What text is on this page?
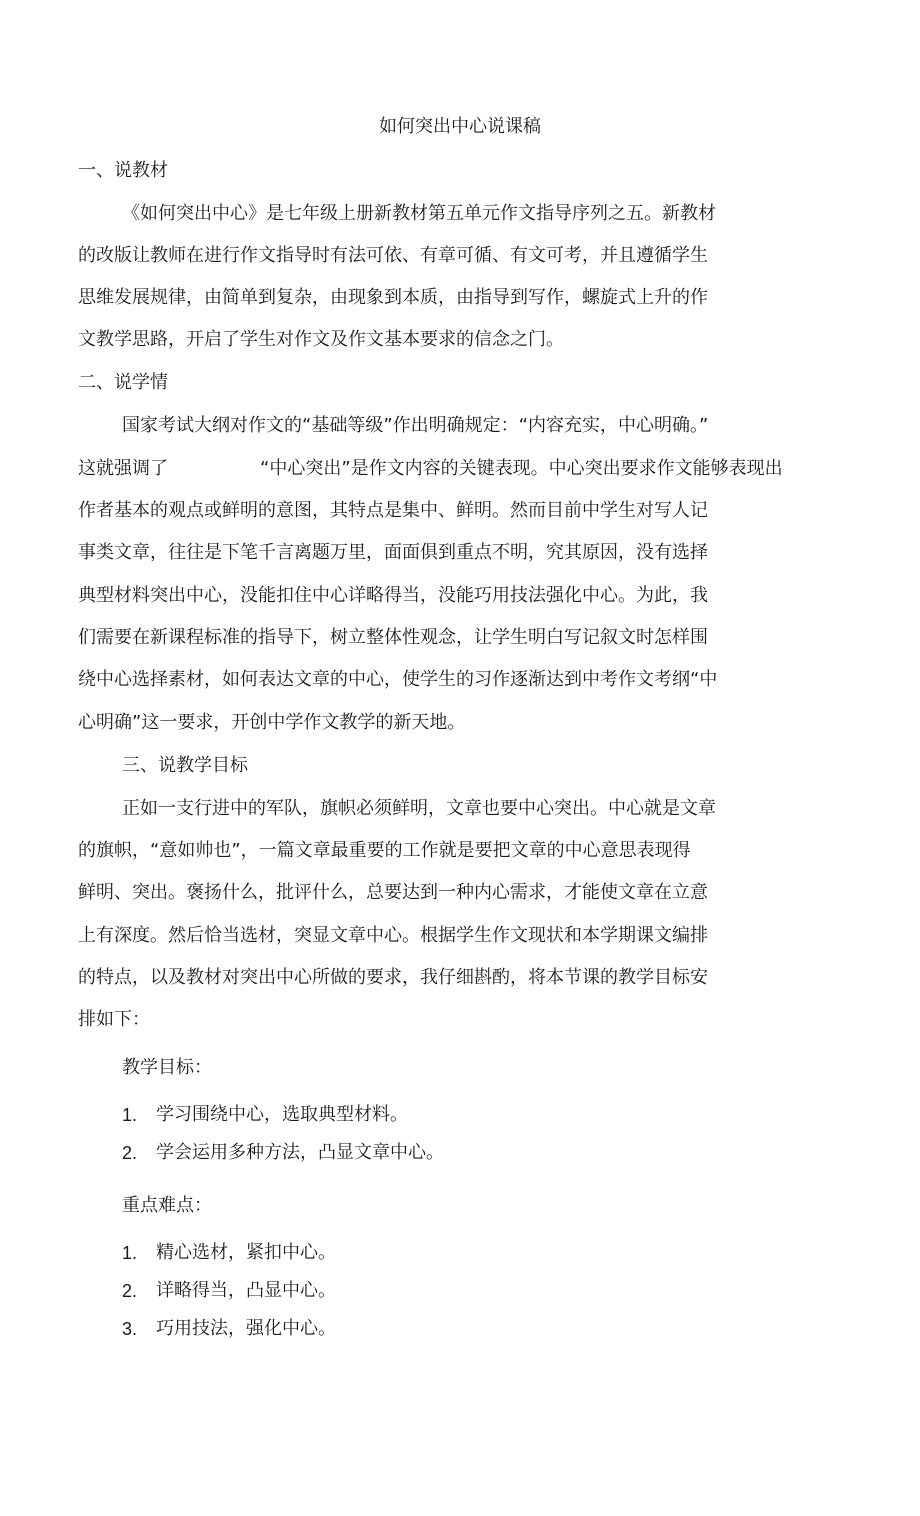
如何突出中心说课稿
一、说教材
《如何突出中心》是七年级上册新教材第五单元作文指导序列之五。新教材
的改版让教师在进行作文指导时有法可依、有章可循、有文可考，并且遵循学生
思维发展规律，由简单到复杂，由现象到本质，由指导到写作，螺旋式上升的作
文教学思路，开启了学生对作文及作文基本要求的信念之门。
二、说学情
国家考试大纲对作文的“基础等级”作出明确规定：“内容充实，中心明确。”
这就强调了	“中心突出”是作文内容的关键表现。中心突出要求作文能够表现出
作者基本的观点或鲜明的意图，其特点是集中、鲜明。然而目前中学生对写人记
事类文章，往往是下笔千言离题万里，面面俱到重点不明，究其原因，没有选择
典型材料突出中心，没能扣住中心详略得当，没能巧用技法强化中心。为此，我
们需要在新课程标准的指导下，树立整体性观念，让学生明白写记叙文时怎样围
绕中心选择素材，如何表达文章的中心，使学生的习作逐渐达到中考作文考纲“中
心明确”这一要求，开创中学作文教学的新天地。
三、说教学目标
正如一支行进中的军队，旗帜必须鲜明，文章也要中心突出。中心就是文章
的旗帜，“意如帅也”，一篇文章最重要的工作就是要把文章的中心意思表现得
鲜明、突出。褒扬什么，批评什么，总要达到一种内心需求，才能使文章在立意
上有深度。然后恰当选材，突显文章中心。根据学生作文现状和本学期课文编排
的特点，以及教材对突出中心所做的要求，我仔细斟酌，将本节课的教学目标安
排如下：
教学目标：
1. 学习围绕中心，选取典型材料。
2. 学会运用多种方法，凸显文章中心。
重点难点：
1. 精心选材，紧扣中心。
2. 详略得当，凸显中心。
3. 巧用技法，强化中心。
